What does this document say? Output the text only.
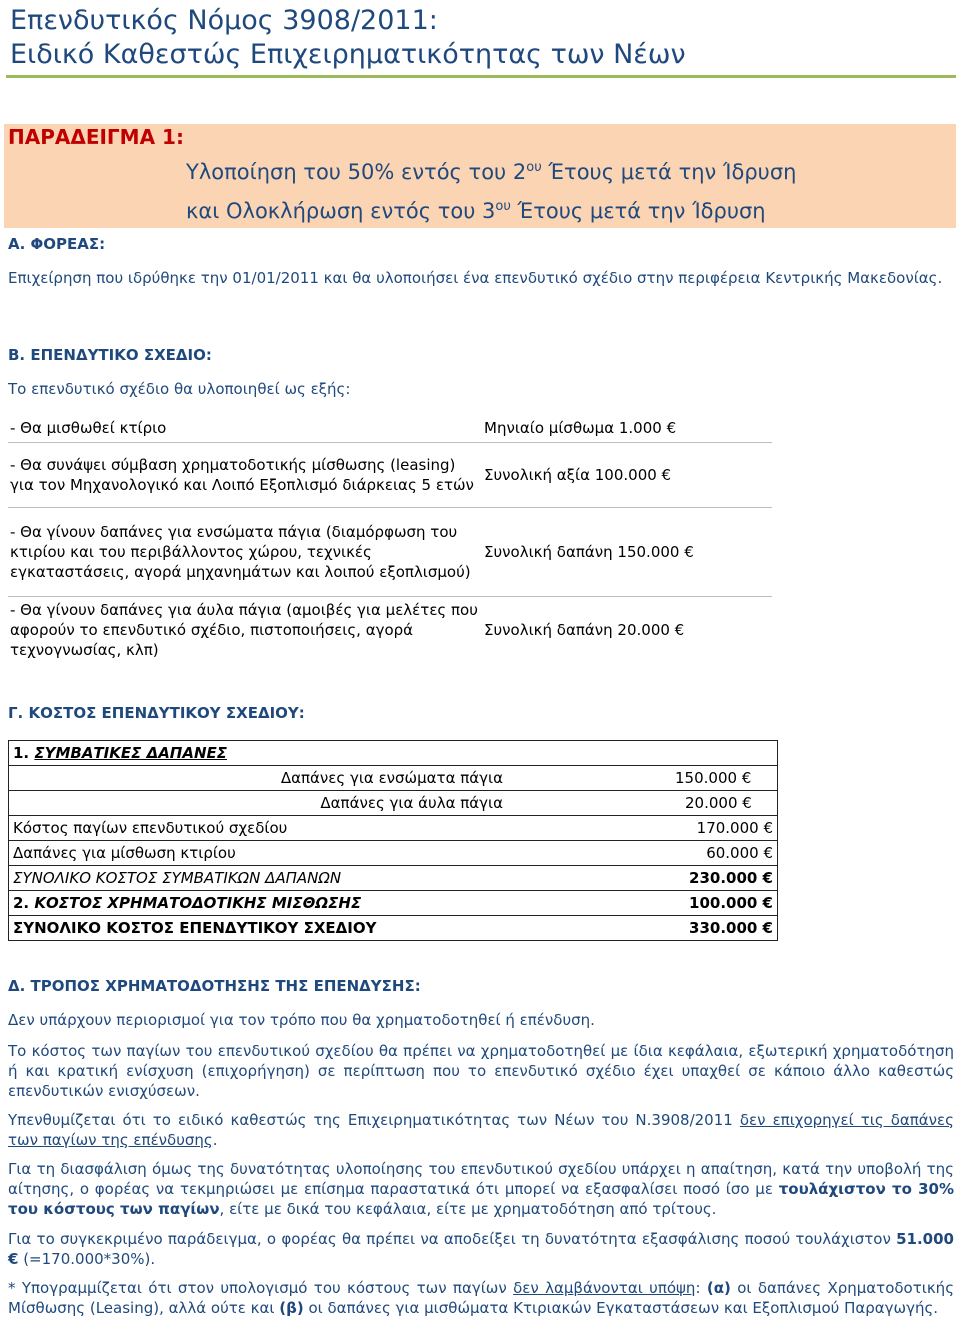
Επενδυτικός Νόμος 3908/2011:
Ειδικό Καθεστώς Επιχειρηματικότητας των Νέων
ΠΑΡΑΔΕΙΓΜΑ 1:
Υλοποίηση του 50% εντός του $2^{o\upsilon}$ Έτους μετά την Ίδρυση
και Ολοκλήρωση εντός του $3^{o\upsilon}$ Έτους μετά την Ίδρυση
Α. ΦΟΡΕΑΣ:
Επιχείρηση που ιδρύθηκε την 01/01/2011 και θα υλοποιήσει ένα επενδυτικό σχέδιο στην περιφέρεια Κεντρικής Μακεδονίας.
Β. ΕΠΕΝΔΥΤΙΚΟ ΣΧΕΔΙΟ:
Το επενδυτικό σχέδιο θα υλοποιηθεί ως εξής:
- Θα μισθωθεί κτίριο	Μηνιαίο μίσθωμα 1.000 €
- Θα συνάψει σύμβαση χρηματοδοτικής μίσθωσης (leasing) για τον Μηχανολογικό και Λοιπό Εξοπλισμό διάρκειας 5 ετών	Συνολική αξία 100.000 €
- Θα γίνουν δαπάνες για ενσώματα πάγια (διαμόρφωση του κτιρίου και του περιβάλλοντος χώρου, τεχνικές εγκαταστάσεις, αγορά μηχανημάτων και λοιπού εξοπλισμού)	Συνολική δαπάνη 150.000 €
- Θα γίνουν δαπάνες για άυλα πάγια (αμοιβές για μελέτες που αφορούν το επενδυτικό σχέδιο, πιστοποιήσεις, αγορά τεχνογνωσίας, κλπ)	Συνολική δαπάνη 20.000 €
Γ. ΚΟΣΤΟΣ ΕΠΕΝΔΥΤΙΚΟΥ ΣΧΕΔΙΟΥ:
1. ΣΥΜΒΑΤΙΚΕΣ ΔΑΠΑΝΕΣ	
Δαπάνες για ενσώματα πάγια	150.000 €
Δαπάνες για άυλα πάγια	20.000 €
Κόστος παγίων επενδυτικού σχεδίου	170.000 €
Δαπάνες για μίσθωση κτιρίου	60.000 €
ΣΥΝΟΛΙΚΟ ΚΟΣΤΟΣ ΣΥΜΒΑΤΙΚΩΝ ΔΑΠΑΝΩΝ	230.000 €
2. ΚΟΣΤΟΣ ΧΡΗΜΑΤΟΔΟΤΙΚΗΣ ΜΙΣΘΩΣΗΣ	100.000 €
ΣΥΝΟΛΙΚΟ ΚΟΣΤΟΣ ΕΠΕΝΔΥΤΙΚΟΥ ΣΧΕΔΙΟΥ	330.000 €
Δ. ΤΡΟΠΟΣ ΧΡΗΜΑΤΟΔΟΤΗΣΗΣ ΤΗΣ ΕΠΕΝΔΥΣΗΣ:
Δεν υπάρχουν περιορισμοί για τον τρόπο που θα χρηματοδοτηθεί ή επένδυση.
Το κόστος των παγίων του επενδυτικού σχεδίου θα πρέπει να χρηματοδοτηθεί με ίδια κεφάλαια, εξωτερική χρηματοδότηση ή και κρατική ενίσχυση (επιχορήγηση) σε περίπτωση που το επενδυτικό σχέδιο έχει υπαχθεί σε κάποιο άλλο καθεστώς επενδυτικών ενισχύσεων.
Υπενθυμίζεται ότι το ειδικό καθεστώς της Επιχειρηματικότητας των Νέων του Ν.3908/2011 δεν επιχορηγεί τις δαπάνες των παγίων της επένδυσης.
Για τη διασφάλιση όμως της δυνατότητας υλοποίησης του επενδυτικού σχεδίου υπάρχει η απαίτηση, κατά την υποβολή της αίτησης, ο φορέας να τεκμηριώσει με επίσημα παραστατικά ότι μπορεί να εξασφαλίσει ποσό ίσο με τουλάχιστον το 30% του κόστους των παγίων, είτε με δικά του κεφάλαια, είτε με χρηματοδότηση από τρίτους.
Για το συγκεκριμένο παράδειγμα, ο φορέας θα πρέπει να αποδείξει τη δυνατότητα εξασφάλισης ποσού τουλάχιστον 51.000 € (=170.000*30%).
* Υπογραμμίζεται ότι στον υπολογισμό του κόστους των παγίων δεν λαμβάνονται υπόψη: (α) οι δαπάνες Χρηματοδοτικής Μίσθωσης (Leasing), αλλά ούτε και (β) οι δαπάνες για μισθώματα Κτιριακών Εγκαταστάσεων και Εξοπλισμού Παραγωγής.
